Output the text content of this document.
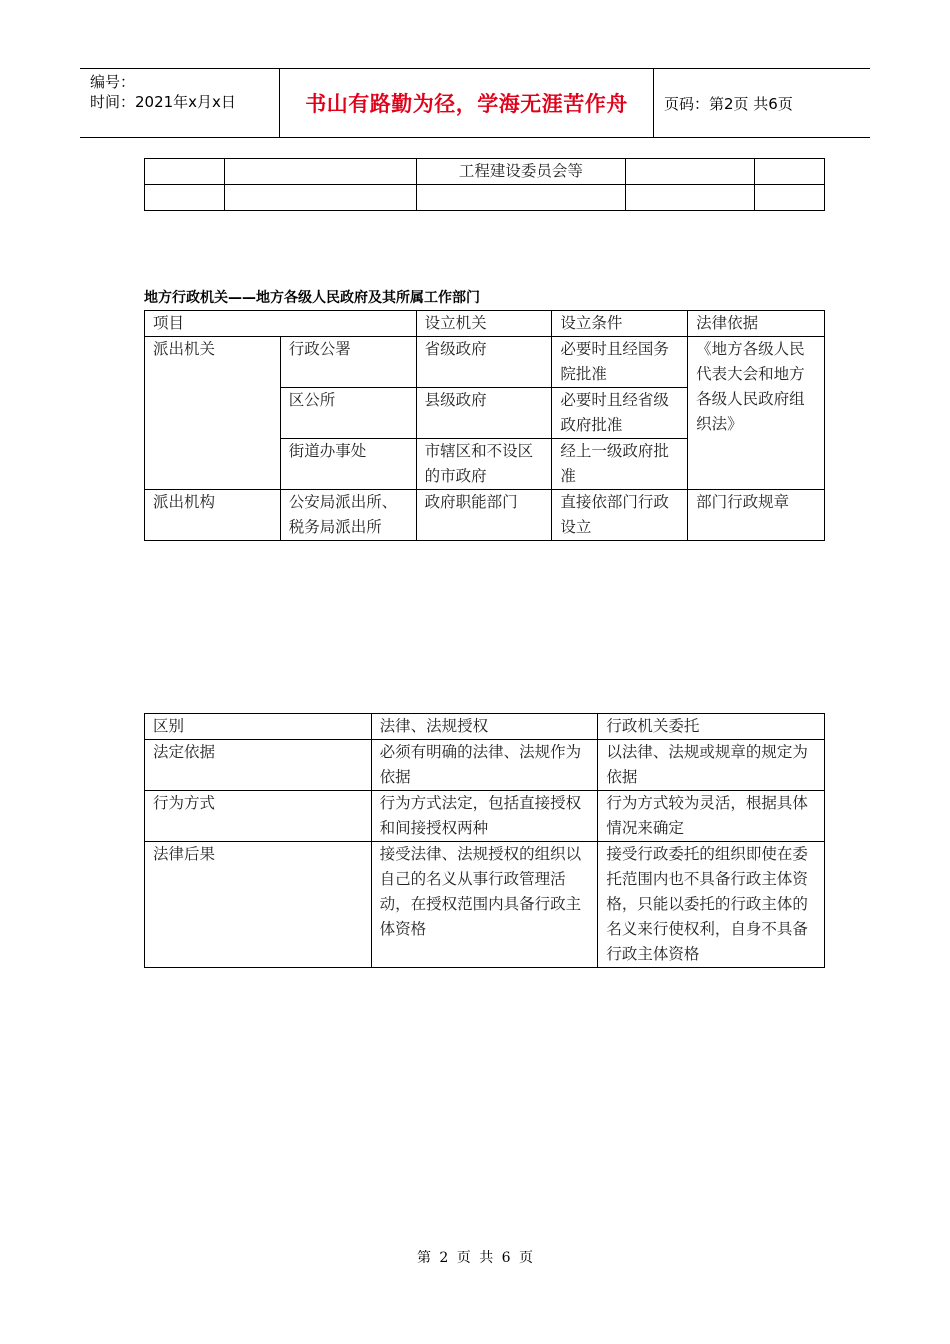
编号：
时间：2021年x月x日	书山有路勤为径，学海无涯苦作舟	页码：第2页 共6页
		工程建设委员会等		

地方行政机关——地方各级人民政府及其所属工作部门
项目		设立机关	设立条件	法律依据
派出机关	行政公署	省级政府	必要时且经国务院批准	《地方各级人民代表大会和地方各级人民政府组织法》
	区公所	县级政府	必要时且经省级政府批准	
	街道办事处	市辖区和不设区的市政府	经上一级政府批准	
派出机构	公安局派出所、税务局派出所	政府职能部门	直接依部门行政设立	部门行政规章
区别	法律、法规授权	行政机关委托
法定依据	必须有明确的法律、法规作为依据	以法律、法规或规章的规定为依据
行为方式	行为方式法定，包括直接授权和间接授权两种	行为方式较为灵活，根据具体情况来确定
法律后果	接受法律、法规授权的组织以自己的名义从事行政管理活动，在授权范围内具备行政主体资格	接受行政委托的组织即使在委托范围内也不具备行政主体资格，只能以委托的行政主体的名义来行使权利，自身不具备行政主体资格
第 2 页 共 6 页
